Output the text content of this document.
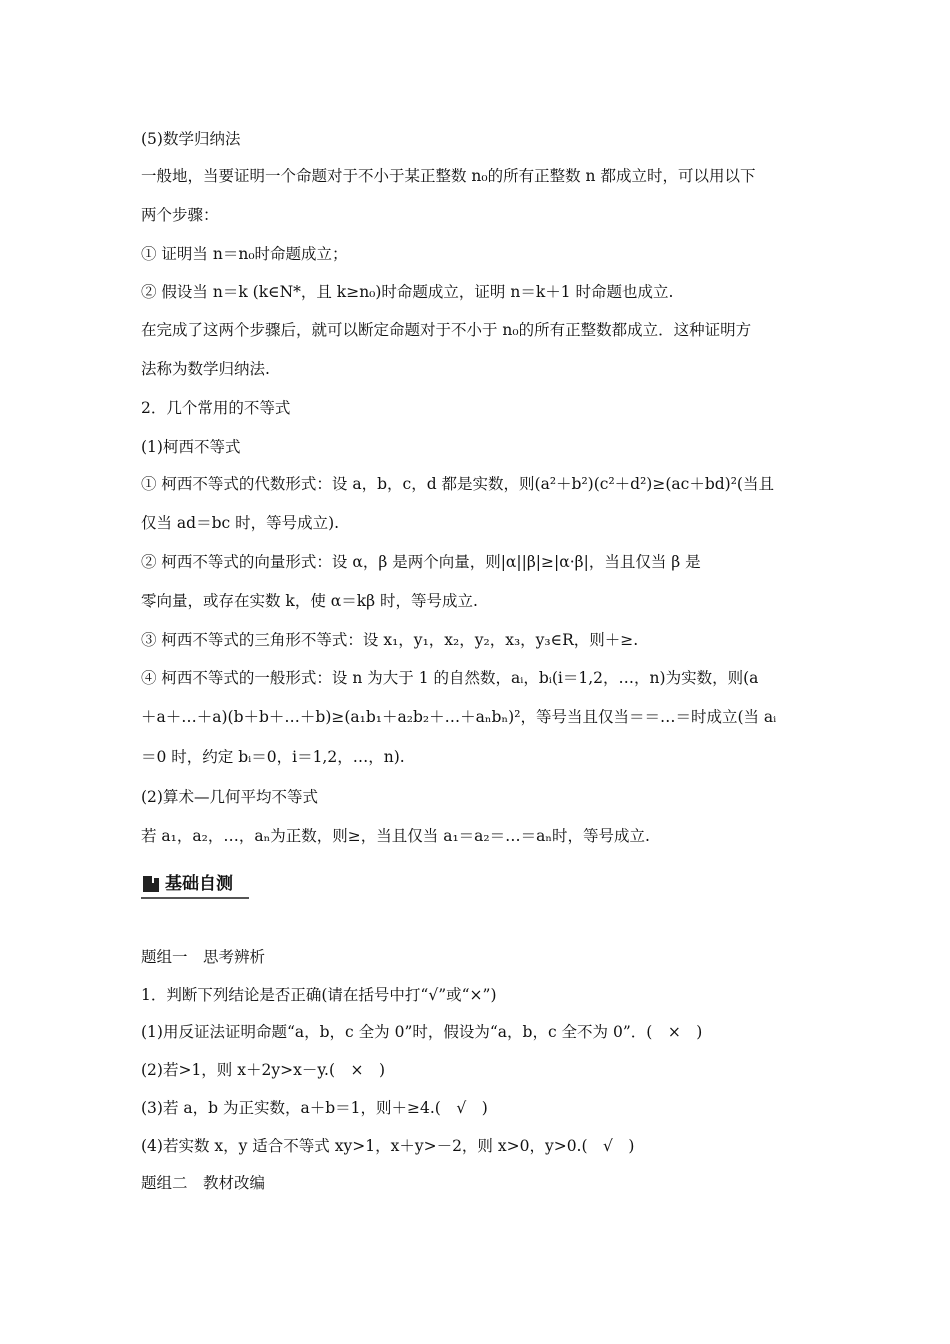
(5)数学归纳法
一般地，当要证明一个命题对于不小于某正整数 n₀的所有正整数 n 都成立时，可以用以下
两个步骤：
① 证明当 n＝n₀时命题成立；
② 假设当 n＝k (k∈N*，且 k≥n₀)时命题成立，证明 n＝k＋1 时命题也成立.
在完成了这两个步骤后，就可以断定命题对于不小于 n₀的所有正整数都成立．这种证明方
法称为数学归纳法.
2．几个常用的不等式
(1)柯西不等式
① 柯西不等式的代数形式：设 a，b，c，d 都是实数，则(a²＋b²)(c²＋d²)≥(ac＋bd)²(当且
仅当 ad＝bc 时，等号成立).
② 柯西不等式的向量形式：设 α，β 是两个向量，则|α||β|≥|α·β|，当且仅当 β 是
零向量，或存在实数 k，使 α＝kβ 时，等号成立.
③ 柯西不等式的三角形不等式：设 x₁，y₁，x₂，y₂，x₃，y₃∈R，则＋≥.
④ 柯西不等式的一般形式：设 n 为大于 1 的自然数，aᵢ，bᵢ(i＝1,2，…，n)为实数，则(a
＋a＋…＋a)(b＋b＋…＋b)≥(a₁b₁＋a₂b₂＋…＋aₙbₙ)²，等号当且仅当＝＝…＝时成立(当 aᵢ
＝0 时，约定 bᵢ＝0，i＝1,2，…，n).
(2)算术—几何平均不等式
若 a₁，a₂，…，aₙ为正数，则≥，当且仅当 a₁＝a₂＝…＝aₙ时，等号成立.
基础自测
题组一　思考辨析
1．判断下列结论是否正确(请在括号中打“√”或“×”)
(1)用反证法证明命题“a，b，c 全为 0”时，假设为“a，b，c 全不为 0”．(　×　)
(2)若>1，则 x＋2y>x－y.(　×　)
(3)若 a，b 为正实数，a＋b＝1，则＋≥4.(　√　)
(4)若实数 x，y 适合不等式 xy>1，x＋y>－2，则 x>0，y>0.(　√　)
题组二　教材改编
